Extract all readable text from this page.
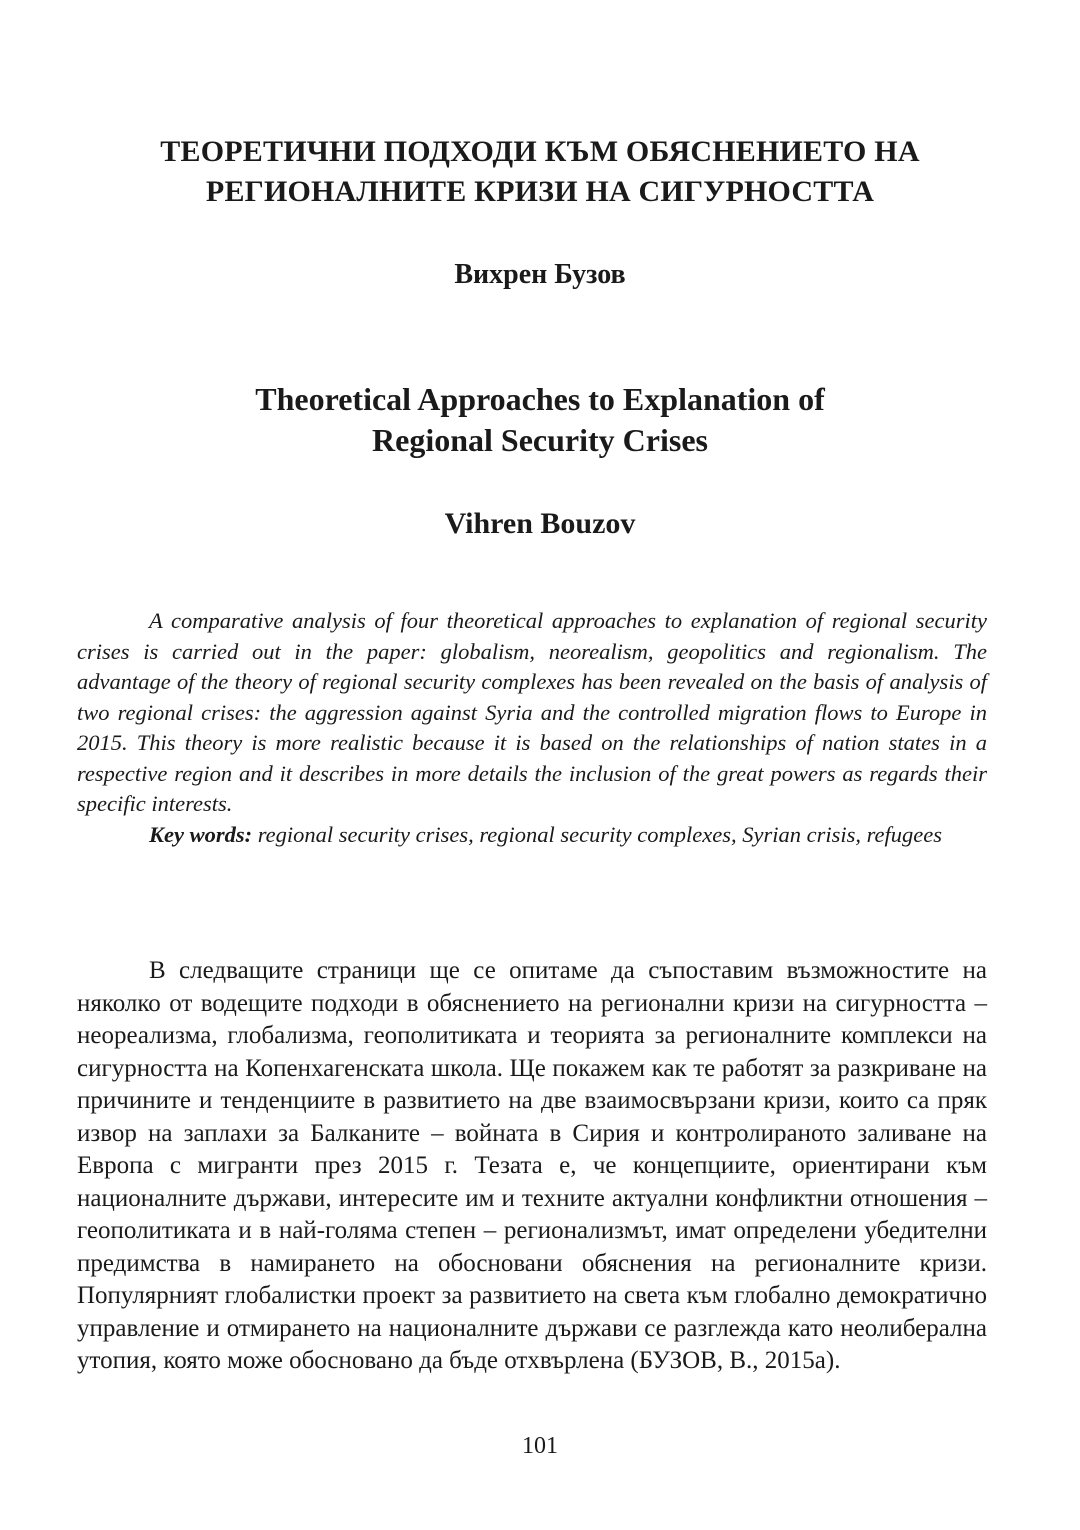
ТЕОРЕТИЧНИ ПОДХОДИ КЪМ ОБЯСНЕНИЕТО НА
РЕГИОНАЛНИТЕ КРИЗИ НА СИГУРНОСТТА
Вихрен Бузов
Theoretical Approaches to Explanation of
Regional Security Crises
Vihren Bouzov

A comparative analysis of four theoretical approaches to explanation of regional security crises is carried out in the paper: globalism, neorealism, geopolitics and regionalism. The advantage of the theory of regional security complexes has been revealed on the basis of analysis of two regional crises: the aggression against Syria and the controlled migration flows to Europe in 2015. This theory is more realistic because it is based on the relationships of nation states in a respective region and it describes in more details the inclusion of the great powers as regards their specific interests.

Key words: regional security crises, regional security complexes, Syrian crisis, refugees

В следващите страници ще се опитаме да съпоставим възможностите на няколко от водещите подходи в обяснението на регионални кризи на сигурността – неореализма, глобализма, геополитиката и теорията за регионалните комплекси на сигурността на Копенхагенската школа. Ще покажем как те работят за разкриване на причините и тенденциите в развитието на две взаимосвързани кризи, които са пряк извор на заплахи за Балканите – войната в Сирия и контролираното заливане на Европа с мигранти през 2015 г. Тезата е, че концепциите, ориентирани към националните държави, интересите им и техните актуални конфликтни отношения – геополитиката и в най-голяма степен – регионализмът, имат определени убедителни предимства в намирането на обосновани обяснения на регионалните кризи. Популярният глобалистки проект за развитието на света към глобално демократично управление и отмирането на националните държави се разглежда като неолиберална утопия, която може обосновано да бъде отхвърлена (БУЗОВ, В., 2015а).

101
